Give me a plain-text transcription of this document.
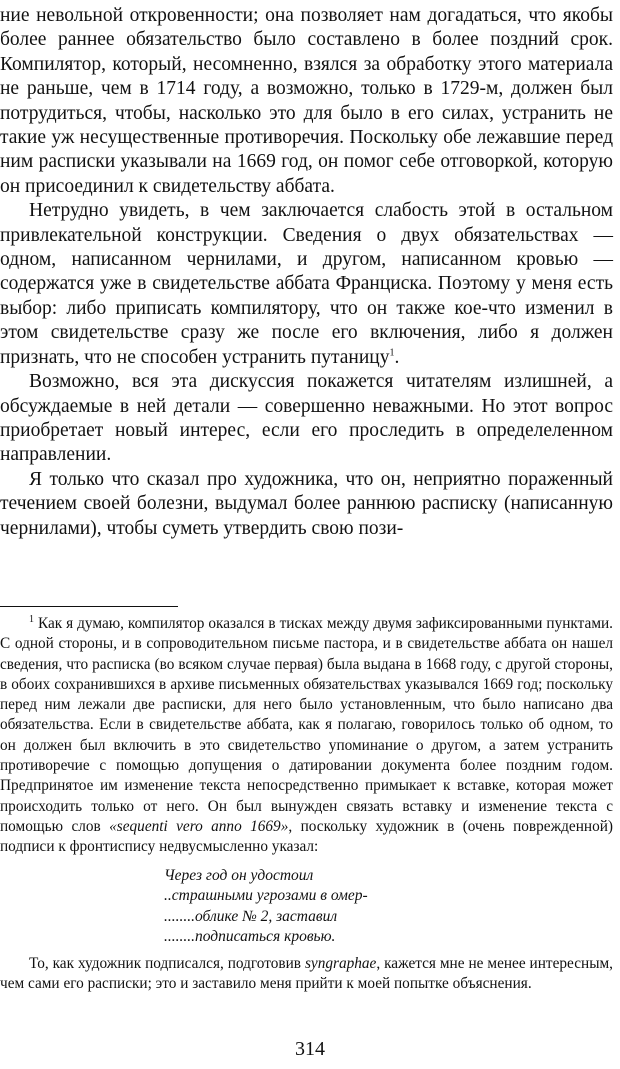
ние невольной откровенности; она позволяет нам догадаться, что якобы более раннее обязательство было составлено в более поздний срок. Компилятор, который, несомненно, взялся за обработку этого материала не раньше, чем в 1714 году, а возможно, только в 1729-м, должен был потрудиться, чтобы, насколько это для было в его силах, устранить не такие уж несущественные противоречия. Поскольку обе лежавшие перед ним расписки указывали на 1669 год, он помог себе отговоркой, которую он присоединил к свидетельству аббата.

Нетрудно увидеть, в чем заключается слабость этой в остальном привлекательной конструкции. Сведения о двух обязательствах — одном, написанном чернилами, и другом, написанном кровью — содержатся уже в свидетельстве аббата Франциска. Поэтому у меня есть выбор: либо приписать компилятору, что он также кое-что изменил в этом свидетельстве сразу же после его включения, либо я должен признать, что не способен устранить путаницу$^1$.

Возможно, вся эта дискуссия покажется читателям излишней, а обсуждаемые в ней детали — совершенно неважными. Но этот вопрос приобретает новый интерес, если его проследить в определеленном направлении.

Я только что сказал про художника, что он, неприятно пораженный течением своей болезни, выдумал более раннюю расписку (написанную чернилами), чтобы суметь утвердить свою пози-

$^1$ Как я думаю, компилятор оказался в тисках между двумя зафиксированными пунктами. С одной стороны, и в сопроводительном письме пастора, и в свидетельстве аббата он нашел сведения, что расписка (во всяком случае первая) была выдана в 1668 году, с другой стороны, в обоих сохранившихся в архиве письменных обязательствах указывался 1669 год; поскольку перед ним лежали две расписки, для него было установленным, что было написано два обязательства. Если в свидетельстве аббата, как я полагаю, говорилось только об одном, то он должен был включить в это свидетельство упоминание о другом, а затем устранить противоречие с помощью допущения о датировании документа более поздним годом. Предпринятое им изменение текста непосредственно примыкает к вставке, которая может происходить только от него. Он был вынужден связать вставку и изменение текста с помощью слов «sequenti vero anno 1669», поскольку художник в (очень поврежденной) подписи к фронтиспису недвусмысленно указал:

Через год он удостоил
..страшными угрозами в омер-
........облике № 2, заставил
........подписаться кровью.

То, как художник подписался, подготовив syngraphae, кажется мне не менее интересным, чем сами его расписки; это и заставило меня прийти к моей попытке объяснения.

314
